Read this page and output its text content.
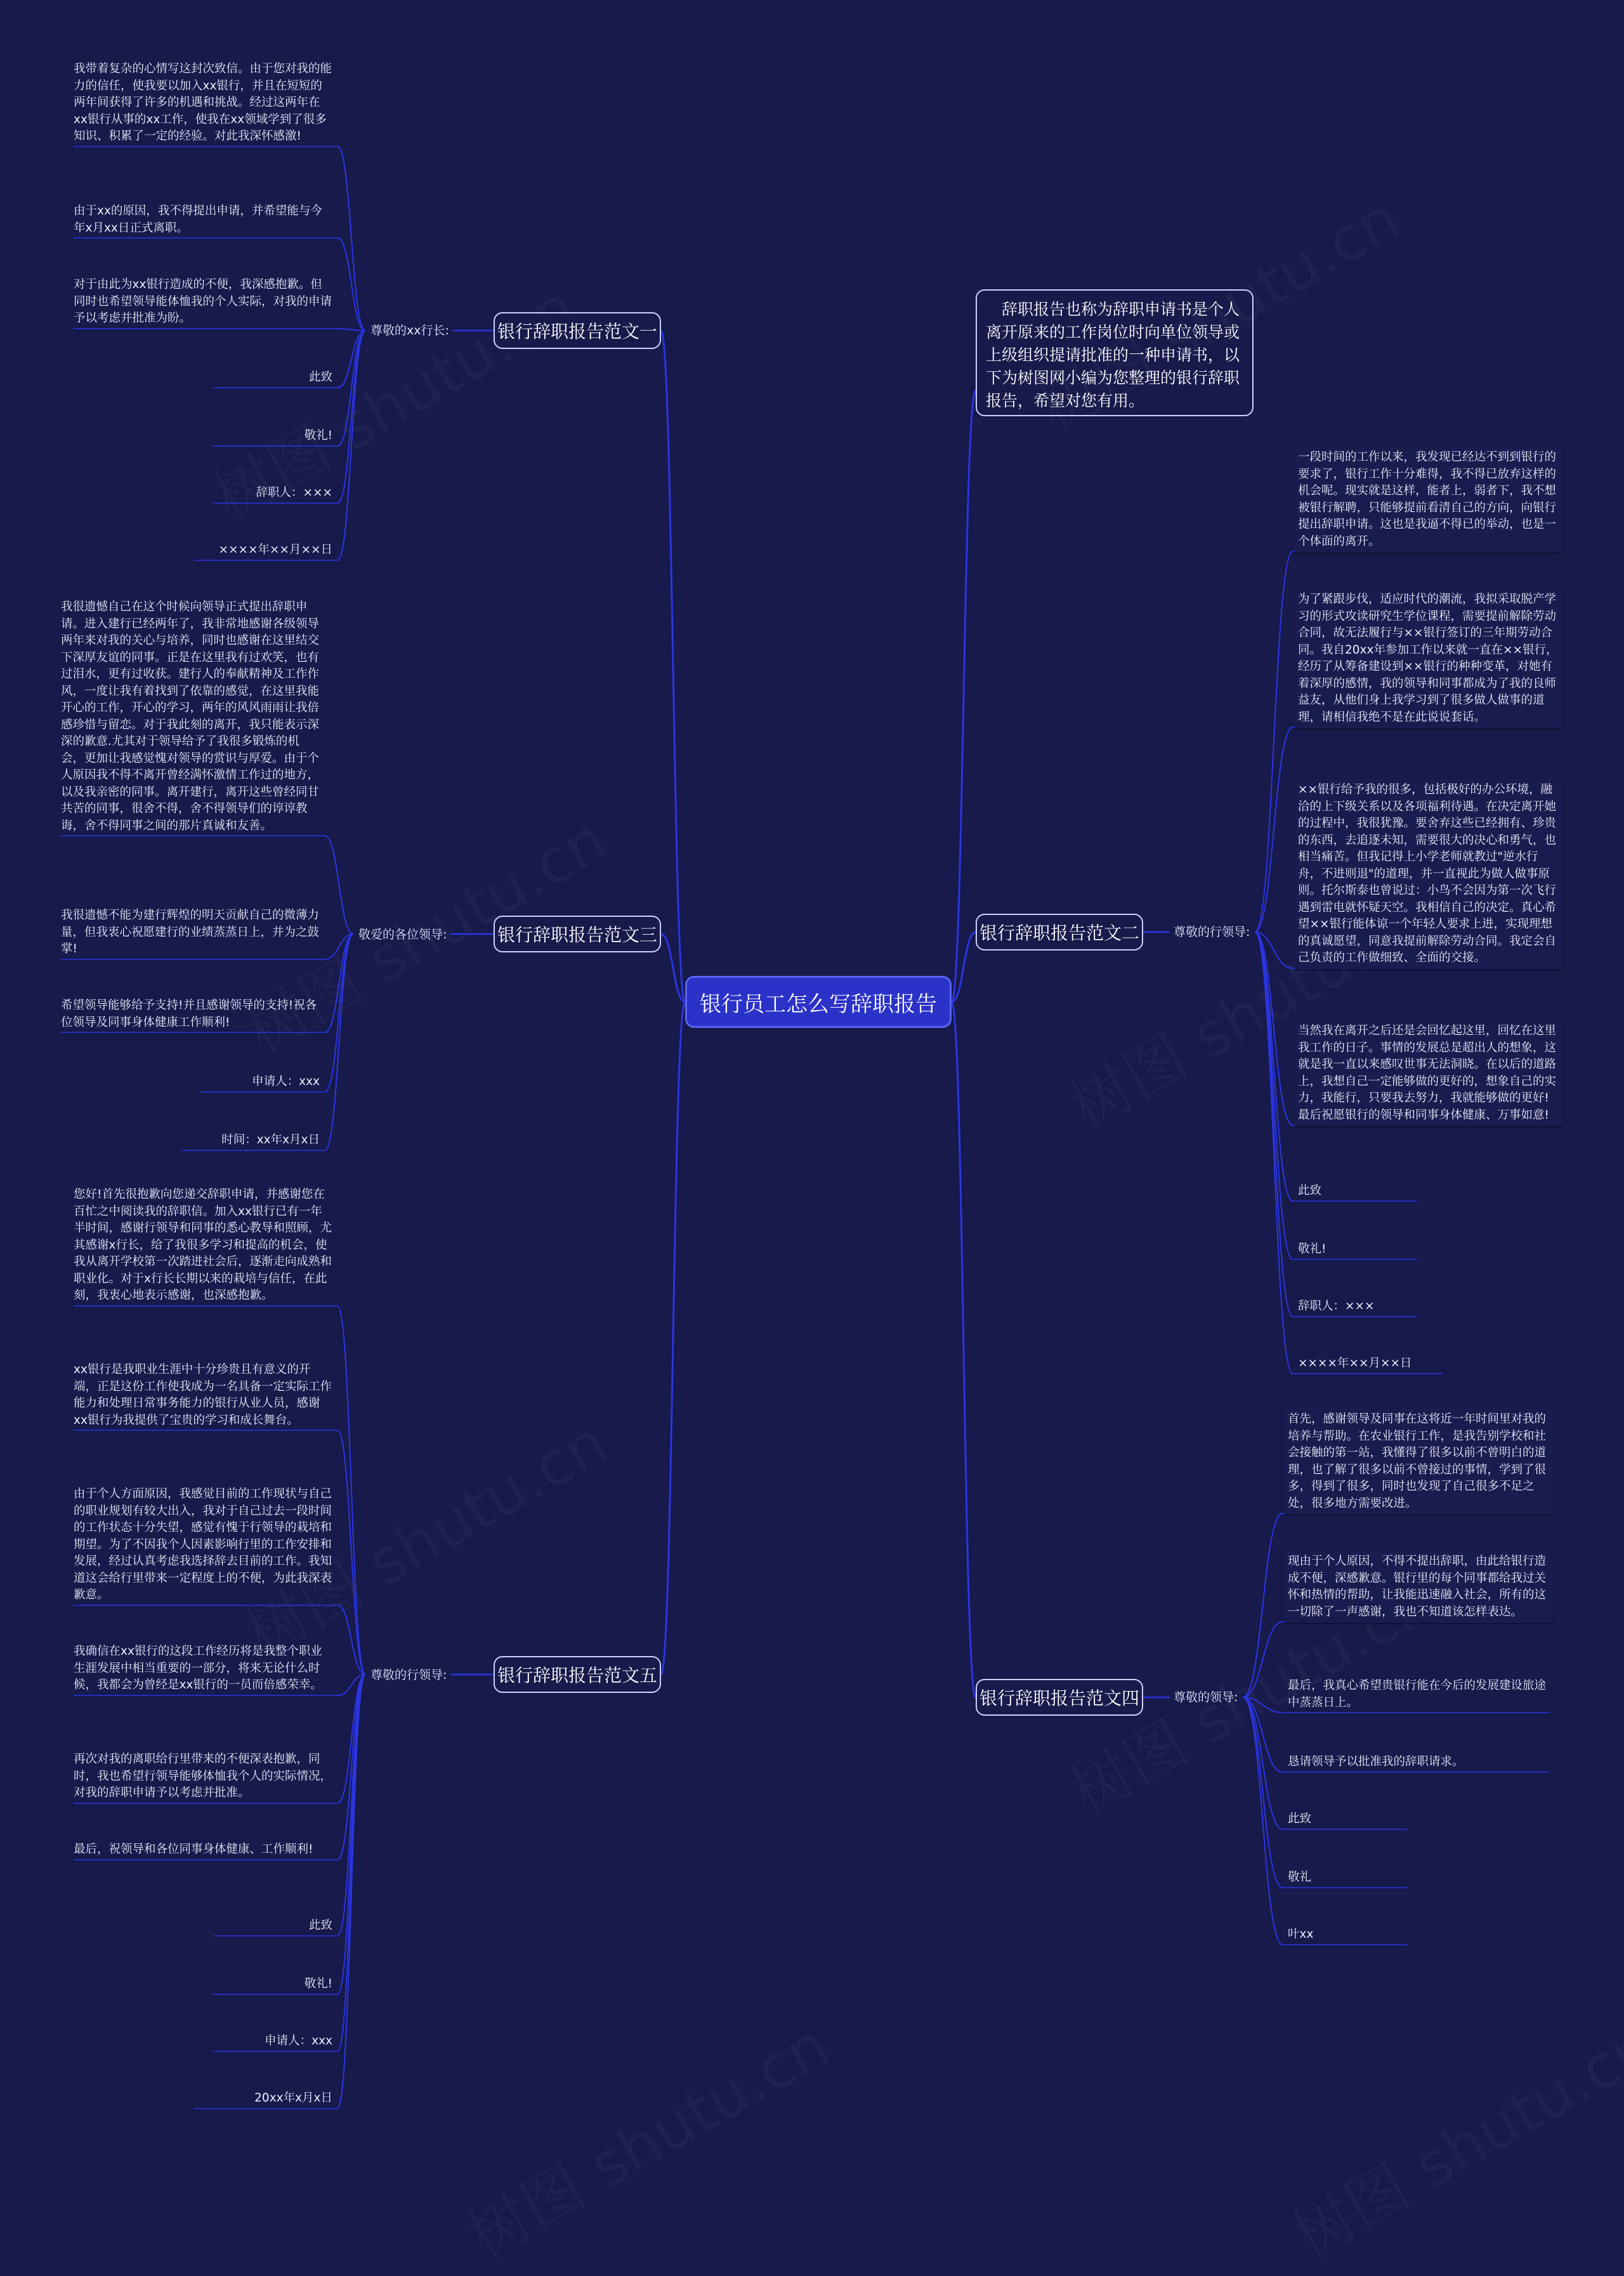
银行员工怎么写辞职报告
辞职报告也称为辞职申请书是个人离开原来的工作岗位时向单位领导或上级组织提请批准的一种申请书，以下为树图网小编为您整理的银行辞职报告，希望对您有用。
银行辞职报告范文一
尊敬的xx行长:
我带着复杂的心情写这封次致信。由于您对我的能力的信任，使我要以加入xx银行，并且在短短的两年间获得了许多的机遇和挑战。经过这两年在xx银行从事的xx工作，使我在xx领域学到了很多知识、积累了一定的经验。对此我深怀感激!
由于xx的原因，我不得提出申请，并希望能与今年x月xx日正式离职。
对于由此为xx银行造成的不便，我深感抱歉。但同时也希望领导能体恤我的个人实际，对我的申请予以考虑并批准为盼。
此致
敬礼!
辞职人：×××
××××年××月××日
银行辞职报告范文三
敬爱的各位领导:
我很遗憾自己在这个时候向领导正式提出辞职申请。进入建行已经两年了，我非常地感谢各级领导两年来对我的关心与培养，同时也感谢在这里结交下深厚友谊的同事。正是在这里我有过欢笑，也有过泪水，更有过收获。建行人的奉献精神及工作作风，一度让我有着找到了依靠的感觉，在这里我能开心的工作，开心的学习，两年的风风雨雨让我倍感珍惜与留恋。对于我此刻的离开，我只能表示深深的歉意.尤其对于领导给予了我很多锻炼的机会，更加让我感觉愧对领导的赏识与厚爱。由于个人原因我不得不离开曾经满怀激情工作过的地方，以及我亲密的同事。离开建行，离开这些曾经同甘共苦的同事，很舍不得，舍不得领导们的谆谆教诲，舍不得同事之间的那片真诚和友善。
我很遗憾不能为建行辉煌的明天贡献自己的微薄力量，但我衷心祝愿建行的业绩蒸蒸日上，并为之鼓掌!
希望领导能够给予支持!并且感谢领导的支持!祝各位领导及同事身体健康工作顺利!
申请人：xxx
时间：xx年x月x日
银行辞职报告范文五
尊敬的行领导:
您好!首先很抱歉向您递交辞职申请，并感谢您在百忙之中阅读我的辞职信。加入xx银行已有一年半时间，感谢行领导和同事的悉心教导和照顾，尤其感谢x行长，给了我很多学习和提高的机会，使我从离开学校第一次踏进社会后，逐渐走向成熟和职业化。对于x行长长期以来的栽培与信任，在此刻，我衷心地表示感谢，也深感抱歉。
xx银行是我职业生涯中十分珍贵且有意义的开端，正是这份工作使我成为一名具备一定实际工作能力和处理日常事务能力的银行从业人员，感谢xx银行为我提供了宝贵的学习和成长舞台。
由于个人方面原因，我感觉目前的工作现状与自己的职业规划有较大出入，我对于自己过去一段时间的工作状态十分失望，感觉有愧于行领导的栽培和期望。为了不因我个人因素影响行里的工作安排和发展，经过认真考虑我选择辞去目前的工作。我知道这会给行里带来一定程度上的不便，为此我深表歉意。
我确信在xx银行的这段工作经历将是我整个职业生涯发展中相当重要的一部分，将来无论什么时候，我都会为曾经是xx银行的一员而倍感荣幸。
再次对我的离职给行里带来的不便深表抱歉，同时，我也希望行领导能够体恤我个人的实际情况，对我的辞职申请予以考虑并批准。
最后，祝领导和各位同事身体健康、工作顺利!
此致
敬礼!
申请人：xxx
20xx年x月x日
银行辞职报告范文二	尊敬的行领导:
一段时间的工作以来，我发现已经达不到到银行的要求了，银行工作十分难得，我不得已放弃这样的机会呢。现实就是这样，能者上，弱者下，我不想被银行解聘，只能够提前看清自己的方向，向银行提出辞职申请。这也是我逼不得已的举动，也是一个体面的离开。
为了紧跟步伐，适应时代的潮流，我拟采取脱产学习的形式攻读研究生学位课程，需要提前解除劳动合同，故无法履行与××银行签订的三年期劳动合同。我自20xx年参加工作以来就一直在××银行，经历了从筹备建设到××银行的种种变革，对她有着深厚的感情，我的领导和同事都成为了我的良师益友，从他们身上我学习到了很多做人做事的道理，请相信我绝不是在此说说套话。
××银行给予我的很多，包括极好的办公环境，融洽的上下级关系以及各项福利待遇。在决定离开她的过程中，我很犹豫。要舍弃这些已经拥有、珍贵的东西，去追逐未知，需要很大的决心和勇气，也相当痛苦。但我记得上小学老师就教过"逆水行舟，不进则退"的道理，并一直视此为做人做事原则。托尔斯泰也曾说过：小鸟不会因为第一次飞行遇到雷电就怀疑天空。我相信自己的决定。真心希望××银行能体谅一个年轻人要求上进，实现理想的真诚愿望，同意我提前解除劳动合同。我定会自己负责的工作做细致、全面的交接。
当然我在离开之后还是会回忆起这里，回忆在这里我工作的日子。事情的发展总是超出人的想象，这就是我一直以来感叹世事无法洞晓。在以后的道路上，我想自己一定能够做的更好的，想象自己的实力，我能行，只要我去努力，我就能够做的更好!最后祝愿银行的领导和同事身体健康、万事如意!
此致
敬礼!
辞职人：×××
××××年××月××日
银行辞职报告范文四	尊敬的领导:
首先，感谢领导及同事在这将近一年时间里对我的培养与帮助。在农业银行工作，是我告别学校和社会接触的第一站，我懂得了很多以前不曾明白的道理，也了解了很多以前不曾接过的事情，学到了很多，得到了很多，同时也发现了自己很多不足之处，很多地方需要改进。
现由于个人原因，不得不提出辞职，由此给银行造成不便，深感歉意。银行里的每个同事都给我过关怀和热情的帮助，让我能迅速融入社会，所有的这一切除了一声感谢，我也不知道该怎样表达。
最后，我真心希望贵银行能在今后的发展建设旅途中蒸蒸日上。
恳请领导予以批准我的辞职请求。
此致
敬礼
叶xx
